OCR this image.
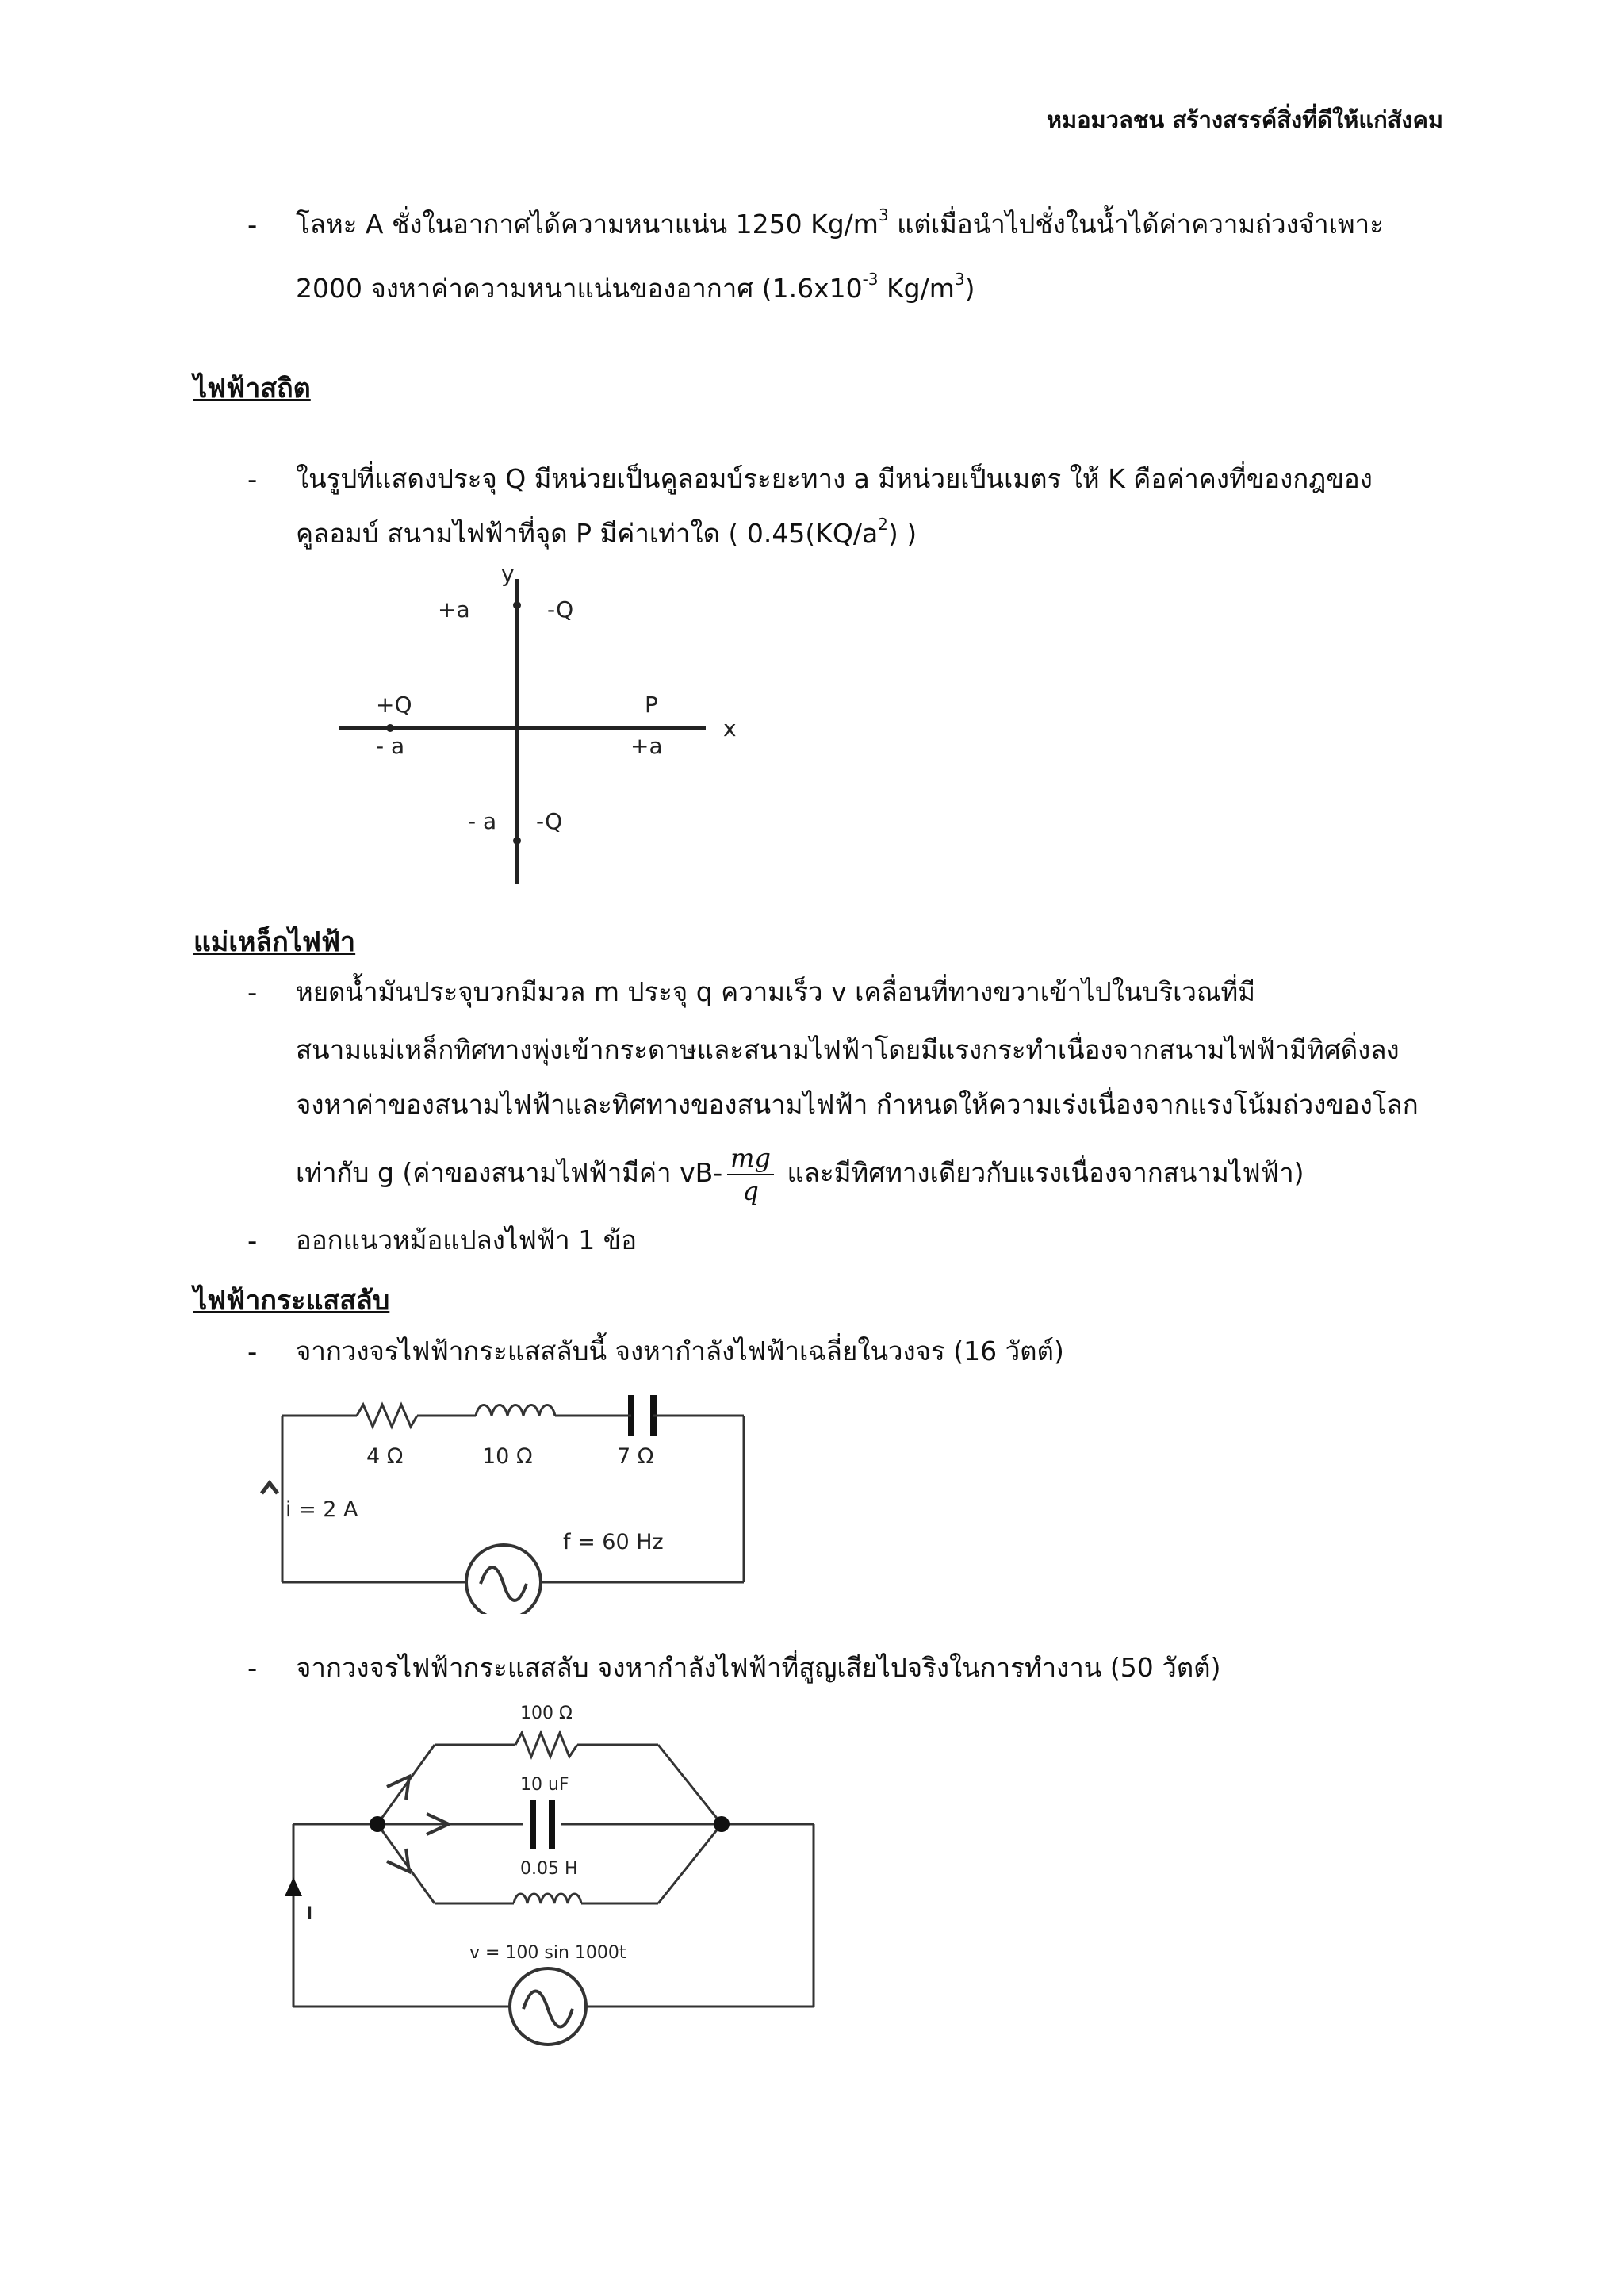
หมอมวลชน สร้างสรรค์สิ่งที่ดีให้แก่สังคม
- โลหะ A ชั่งในอากาศได้ความหนาแน่น 1250 $Kg/m^3$ แต่เมื่อนำไปชั่งในน้ำได้ค่าความถ่วงจำเพาะ
2000 จงหาค่าความหนาแน่นของอากาศ ($1.6x10^{-3}$ $Kg/m^3$)
ไฟฟ้าสถิต
- ในรูปที่แสดงประจุ Q มีหน่วยเป็นคูลอมบ์ระยะทาง a มีหน่วยเป็นเมตร ให้ K คือค่าคงที่ของกฎของ
คูลอมบ์ สนามไฟฟ้าที่จุด P มีค่าเท่าใด ( $0.45(KQ/a^2)$ )
y
x
+a	-Q
+Q
- a
P
+a
- a -Q
แม่เหล็กไฟฟ้า
- หยดน้ำมันประจุบวกมีมวล m ประจุ q ความเร็ว v เคลื่อนที่ทางขวาเข้าไปในบริเวณที่มี
สนามแม่เหล็กทิศทางพุ่งเข้ากระดาษและสนามไฟฟ้าโดยมีแรงกระทำเนื่องจากสนามไฟฟ้ามีทิศดิ่งลง
จงหาค่าของสนามไฟฟ้าและทิศทางของสนามไฟฟ้า กำหนดให้ความเร่งเนื่องจากแรงโน้มถ่วงของโลก
เท่ากับ g (ค่าของสนามไฟฟ้ามีค่า $vB- \frac{mg}{q}$ และมีทิศทางเดียวกับแรงเนื่องจากสนามไฟฟ้า)
- ออกแนวหม้อแปลงไฟฟ้า 1 ข้อ
ไฟฟ้ากระแสสลับ
- จากวงจรไฟฟ้ากระแสสลับนี้ จงหากำลังไฟฟ้าเฉลี่ยในวงจร (16 วัตต์)
4 Ω	10 Ω	7 Ω
i = 2 A
f = 60 Hz
- จากวงจรไฟฟ้ากระแสสลับ จงหากำลังไฟฟ้าที่สูญเสียไปจริงในการทำงาน (50 วัตต์)
100 Ω
10 uF
0.05 H
I
v = 100 sin 1000t
